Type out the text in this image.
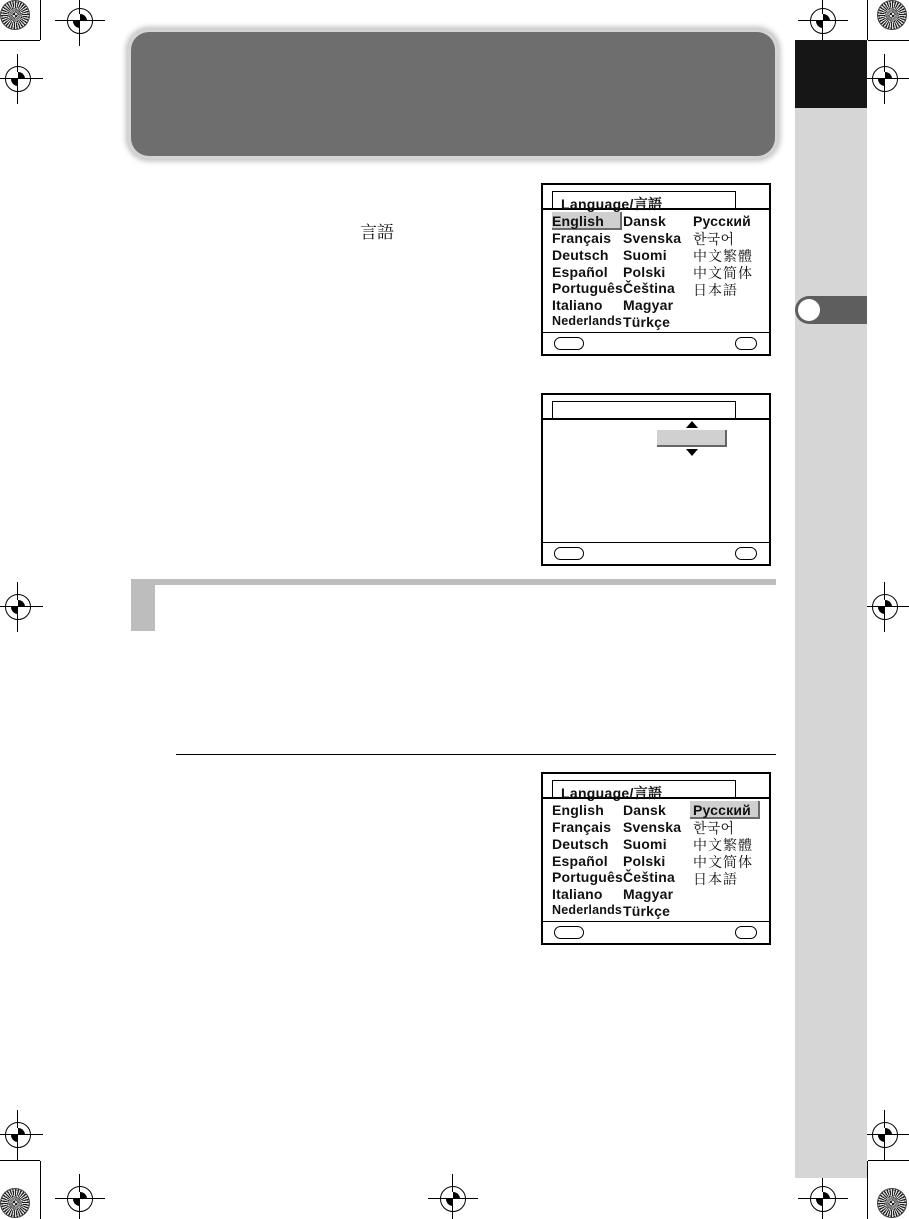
言語
Language/言語
English
Français
Deutsch
Español
Português
Italiano
Nederlands
Dansk
Svenska
Suomi
Polski
Čeština
Magyar
Türkçe
Русский
한국어
中文繁體
中文简体
日本語
Language/言語
English
Français
Deutsch
Español
Português
Italiano
Nederlands
Dansk
Svenska
Suomi
Polski
Čeština
Magyar
Türkçe
Русский
한국어
中文繁體
中文简体
日本語
